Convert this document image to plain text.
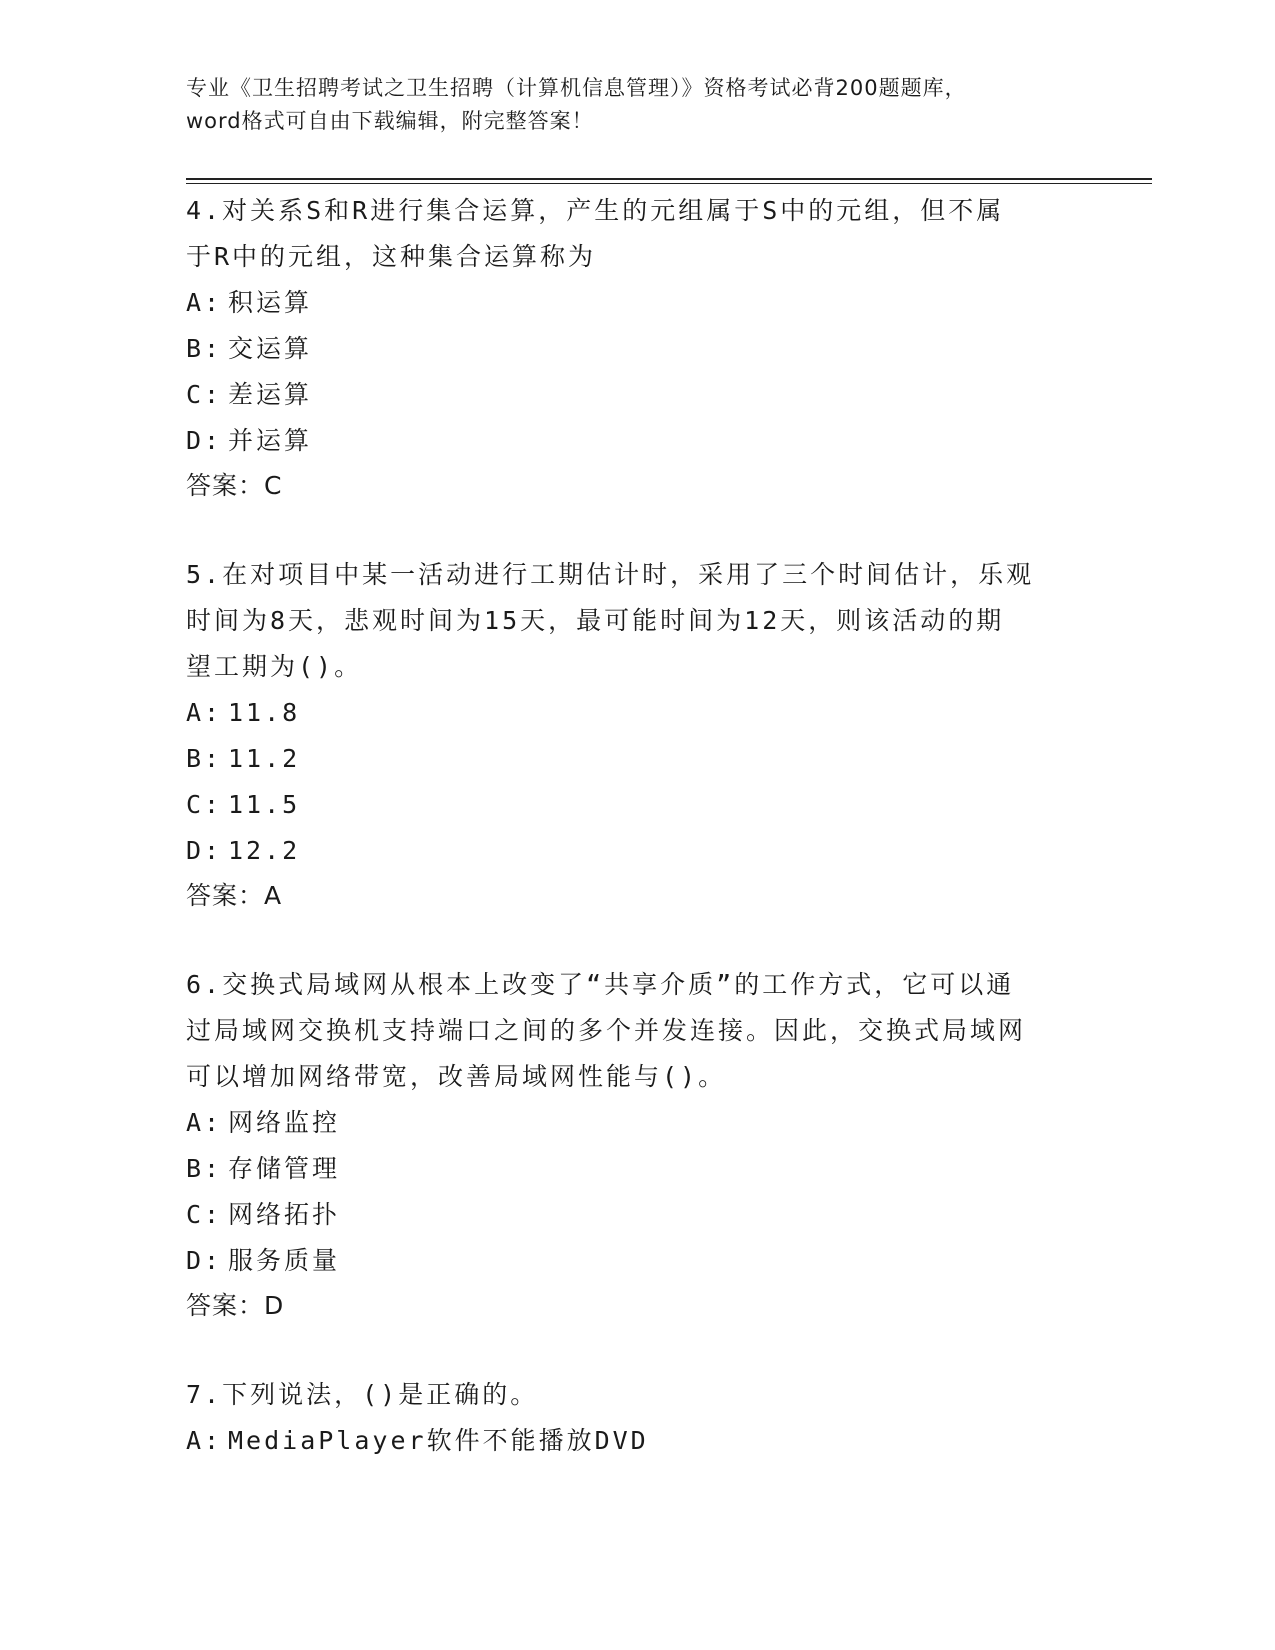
专业《卫生招聘考试之卫生招聘（计算机信息管理）》资格考试必背200题题库，
word格式可自由下载编辑，附完整答案！
4.对关系S和R进行集合运算，产生的元组属于S中的元组，但不属
于R中的元组，这种集合运算称为
A: 积运算
B: 交运算
C: 差运算
D: 并运算
答案：C
5.在对项目中某一活动进行工期估计时，采用了三个时间估计，乐观
时间为8天，悲观时间为15天，最可能时间为12天，则该活动的期
望工期为()。
A: 11.8
B: 11.2
C: 11.5
D: 12.2
答案：A
6.交换式局域网从根本上改变了“共享介质”的工作方式，它可以通
过局域网交换机支持端口之间的多个并发连接。因此，交换式局域网
可以增加网络带宽，改善局域网性能与()。
A: 网络监控
B: 存储管理
C: 网络拓扑
D: 服务质量
答案：D
7.下列说法，()是正确的。
A: MediaPlayer软件不能播放DVD
